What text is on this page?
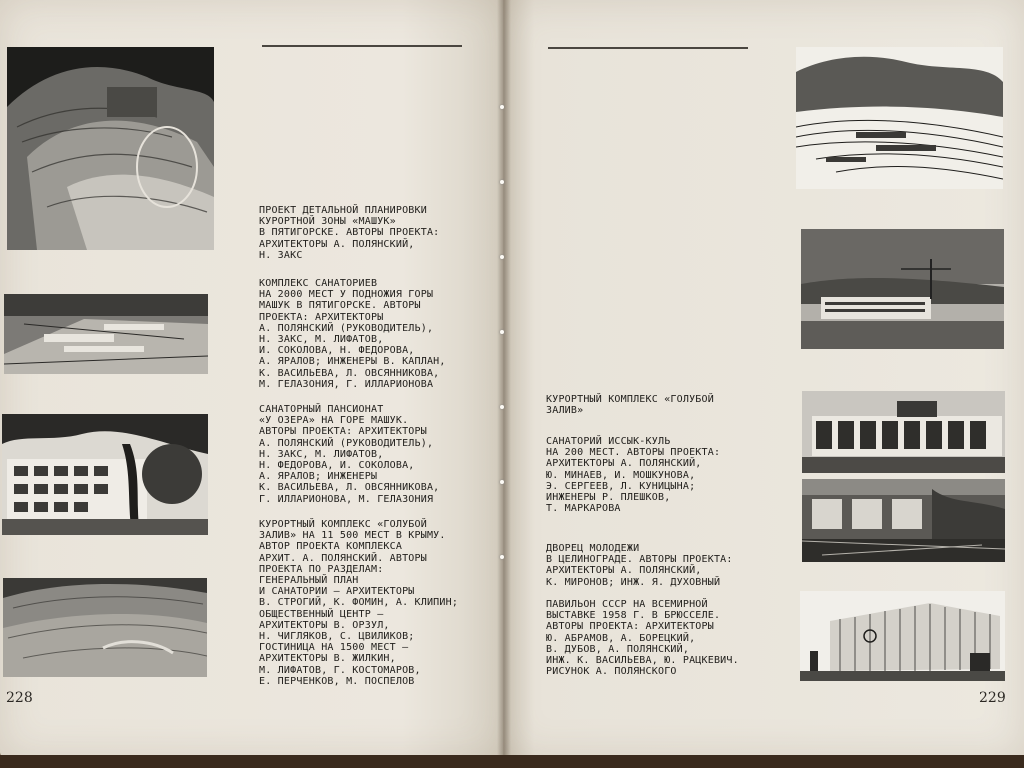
ПРОЕКТ ДЕТАЛЬНОЙ ПЛАНИРОВКИ
КУРОРТНОЙ ЗОНЫ «МАШУК»
В ПЯТИГОРСКЕ. АВТОРЫ ПРОЕКТА:
АРХИТЕКТОРЫ А. ПОЛЯНСКИЙ,
Н. ЗАКС

КОМПЛЕКС САНАТОРИЕВ
НА 2000 МЕСТ У ПОДНОЖИЯ ГОРЫ
МАШУК В ПЯТИГОРСКЕ. АВТОРЫ
ПРОЕКТА: АРХИТЕКТОРЫ
А. ПОЛЯНСКИЙ (РУКОВОДИТЕЛЬ),
Н. ЗАКС, М. ЛИФАТОВ,
И. СОКОЛОВА, Н. ФЕДОРОВА,
А. ЯРАЛОВ; ИНЖЕНЕРЫ В. КАПЛАН,
К. ВАСИЛЬЕВА, Л. ОВСЯННИКОВА,
М. ГЕЛАЗОНИЯ, Г. ИЛЛАРИОНОВА

САНАТОРНЫЙ ПАНСИОНАТ
«У ОЗЕРА» НА ГОРЕ МАШУК.
АВТОРЫ ПРОЕКТА: АРХИТЕКТОРЫ
А. ПОЛЯНСКИЙ (РУКОВОДИТЕЛЬ),
Н. ЗАКС, М. ЛИФАТОВ,
Н. ФЕДОРОВА, И. СОКОЛОВА,
А. ЯРАЛОВ; ИНЖЕНЕРЫ
К. ВАСИЛЬЕВА, Л. ОВСЯННИКОВА,
Г. ИЛЛАРИОНОВА, М. ГЕЛАЗОНИЯ

КУРОРТНЫЙ КОМПЛЕКС «ГОЛУБОЙ
ЗАЛИВ» НА 11 500 МЕСТ В КРЫМУ.
АВТОР ПРОЕКТА КОМПЛЕКСА
АРХИТ. А. ПОЛЯНСКИЙ. АВТОРЫ
ПРОЕКТА ПО РАЗДЕЛАМ:
ГЕНЕРАЛЬНЫЙ ПЛАН
И САНАТОРИИ — АРХИТЕКТОРЫ
В. СТРОГИЙ, К. ФОМИН, А. КЛИПИН;
ОБЩЕСТВЕННЫЙ ЦЕНТР —
АРХИТЕКТОРЫ В. ОРЗУЛ,
Н. ЧИГЛЯКОВ, С. ЦВИЛИКОВ;
ГОСТИНИЦА НА 1500 МЕСТ —
АРХИТЕКТОРЫ В. ЖИЛКИН,
М. ЛИФАТОВ, Г. КОСТОМАРОВ,
Е. ПЕРЧЕНКОВ, М. ПОСПЕЛОВ

228

КУРОРТНЫЙ КОМПЛЕКС «ГОЛУБОЙ
ЗАЛИВ»

САНАТОРИЙ ИССЫК-КУЛЬ
НА 200 МЕСТ. АВТОРЫ ПРОЕКТА:
АРХИТЕКТОРЫ А. ПОЛЯНСКИЙ,
Ю. МИНАЕВ, И. МОШКУНОВА,
Э. СЕРГЕЕВ, Л. КУНИЦЫНА;
ИНЖЕНЕРЫ Р. ПЛЕШКОВ,
Т. МАРКАРОВА

ДВОРЕЦ МОЛОДЕЖИ
В ЦЕЛИНОГРАДЕ. АВТОРЫ ПРОЕКТА:
АРХИТЕКТОРЫ А. ПОЛЯНСКИЙ,
К. МИРОНОВ; ИНЖ. Я. ДУХОВНЫЙ

ПАВИЛЬОН СССР НА ВСЕМИРНОЙ
ВЫСТАВКЕ 1958 Г. В БРЮССЕЛЕ.
АВТОРЫ ПРОЕКТА: АРХИТЕКТОРЫ
Ю. АБРАМОВ, А. БОРЕЦКИЙ,
В. ДУБОВ, А. ПОЛЯНСКИЙ,
ИНЖ. К. ВАСИЛЬЕВА, Ю. РАЦКЕВИЧ.
РИСУНОК А. ПОЛЯНСКОГО

229
